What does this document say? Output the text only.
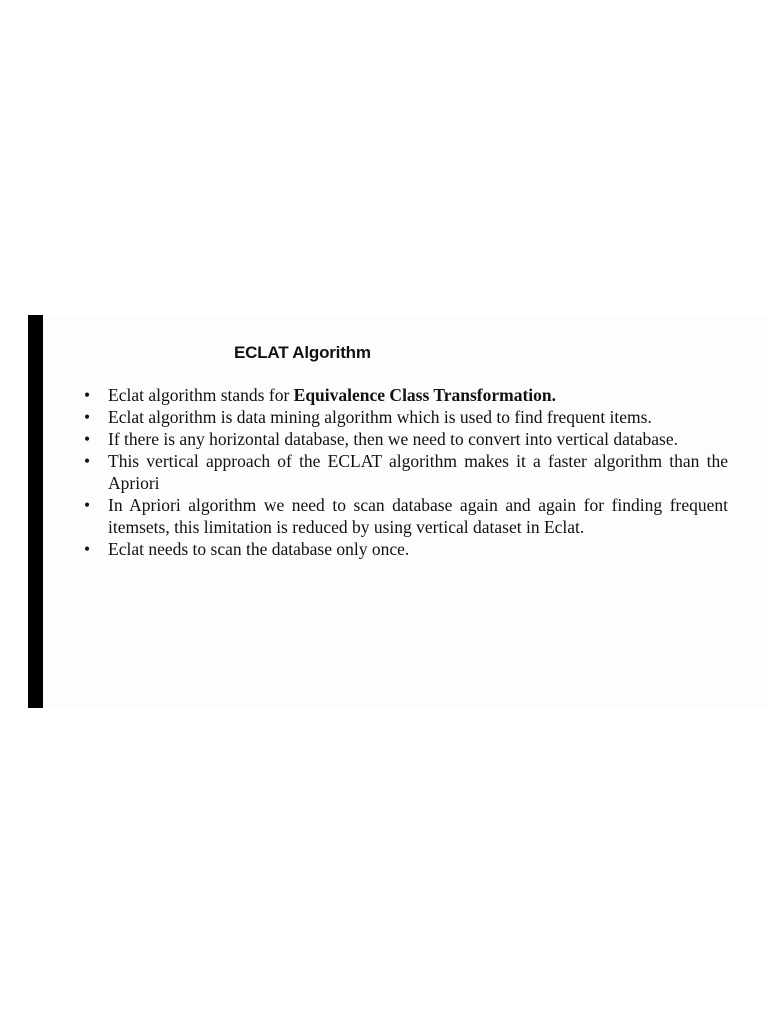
ECLAT Algorithm
• Eclat algorithm stands for Equivalence Class Transformation.
• Eclat algorithm is data mining algorithm which is used to find frequent items.
• If there is any horizontal database, then we need to convert into vertical database.
• This vertical approach of the ECLAT algorithm makes it a faster algorithm than the Apriori
• In Apriori algorithm we need to scan database again and again for finding frequent itemsets, this limitation is reduced by using vertical dataset in Eclat.
• Eclat needs to scan the database only once.
